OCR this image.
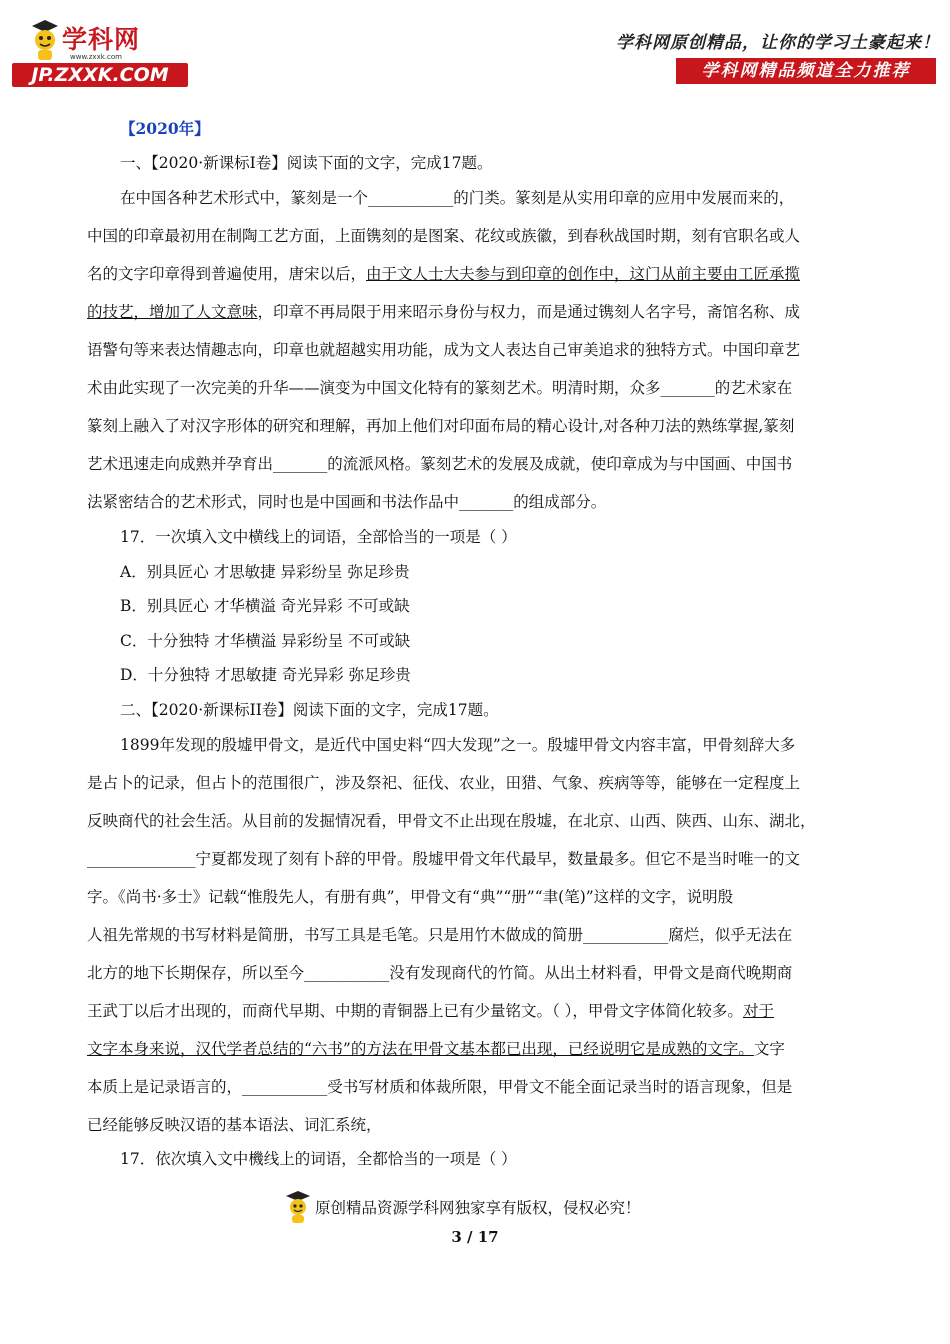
学科网
www.zxxk.com
JP.ZXXK.COM
学科网原创精品，让你的学习土豪起来！
学科网精品频道全力推荐
【2020年】
一、【2020·新课标Ⅰ卷】阅读下面的文字，完成17题。
在中国各种艺术形式中，篆刻是一个___________的门类。篆刻是从实用印章的应用中发展而来的，
中国的印章最初用在制陶工艺方面，上面镌刻的是图案、花纹或族徽，到春秋战国时期，刻有官职名或人
名的文字印章得到普遍使用，唐宋以后，由于文人士大夫参与到印章的创作中，这门从前主要由工匠承揽
的技艺，增加了人文意味，印章不再局限于用来昭示身份与权力，而是通过镌刻人名字号，斋馆名称、成
语警句等来表达情趣志向，印章也就超越实用功能，成为文人表达自己审美追求的独特方式。中国印章艺
术由此实现了一次完美的升华——演变为中国文化特有的篆刻艺术。明清时期，众多_______的艺术家在
篆刻上融入了对汉字形体的研究和理解，再加上他们对印面布局的精心设计,对各种刀法的熟练掌握,篆刻
艺术迅速走向成熟并孕育出_______的流派风格。篆刻艺术的发展及成就，使印章成为与中国画、中国书
法紧密结合的艺术形式，同时也是中国画和书法作品中_______的组成部分。
17．一次填入文中横线上的词语，全部恰当的一项是（ ）
A．别具匠心 才思敏捷 异彩纷呈 弥足珍贵
B．别具匠心 才华横溢 奇光异彩 不可或缺
C．十分独特 才华横溢 异彩纷呈 不可或缺
D．十分独特 才思敏捷 奇光异彩 弥足珍贵
二、【2020·新课标II卷】阅读下面的文字，完成17题。
1899年发现的殷墟甲骨文，是近代中国史料“四大发现”之一。殷墟甲骨文内容丰富，甲骨刻辞大多
是占卜的记录，但占卜的范围很广，涉及祭祀、征伐、农业，田猎、气象、疾病等等，能够在一定程度上
反映商代的社会生活。从目前的发掘情况看，甲骨文不止出现在殷墟，在北京、山西、陕西、山东、湖北，
______________宁夏都发现了刻有卜辞的甲骨。殷墟甲骨文年代最早，数量最多。但它不是当时唯一的文
字。《尚书·多士》记载“惟殷先人，有册有典”，甲骨文有“典”“册”“聿(笔)”这样的文字，说明殷
人祖先常规的书写材料是简册，书写工具是毛笔。只是用竹木做成的简册___________腐烂，似乎无法在
北方的地下长期保存，所以至今___________没有发现商代的竹简。从出土材料看，甲骨文是商代晚期商
王武丁以后才出现的，而商代早期、中期的青铜器上已有少量铭文。（ ），甲骨文字体简化较多。对于
文字本身来说，汉代学者总结的“六书”的方法在甲骨文基本都已出现，已经说明它是成熟的文字。文字
本质上是记录语言的，___________受书写材质和体裁所限，甲骨文不能全面记录当时的语言现象，但是
已经能够反映汉语的基本语法、词汇系统，
17．依次填入文中機线上的词语，全都恰当的一项是（ ）
原创精品资源学科网独家享有版权，侵权必究！
3 / 17
